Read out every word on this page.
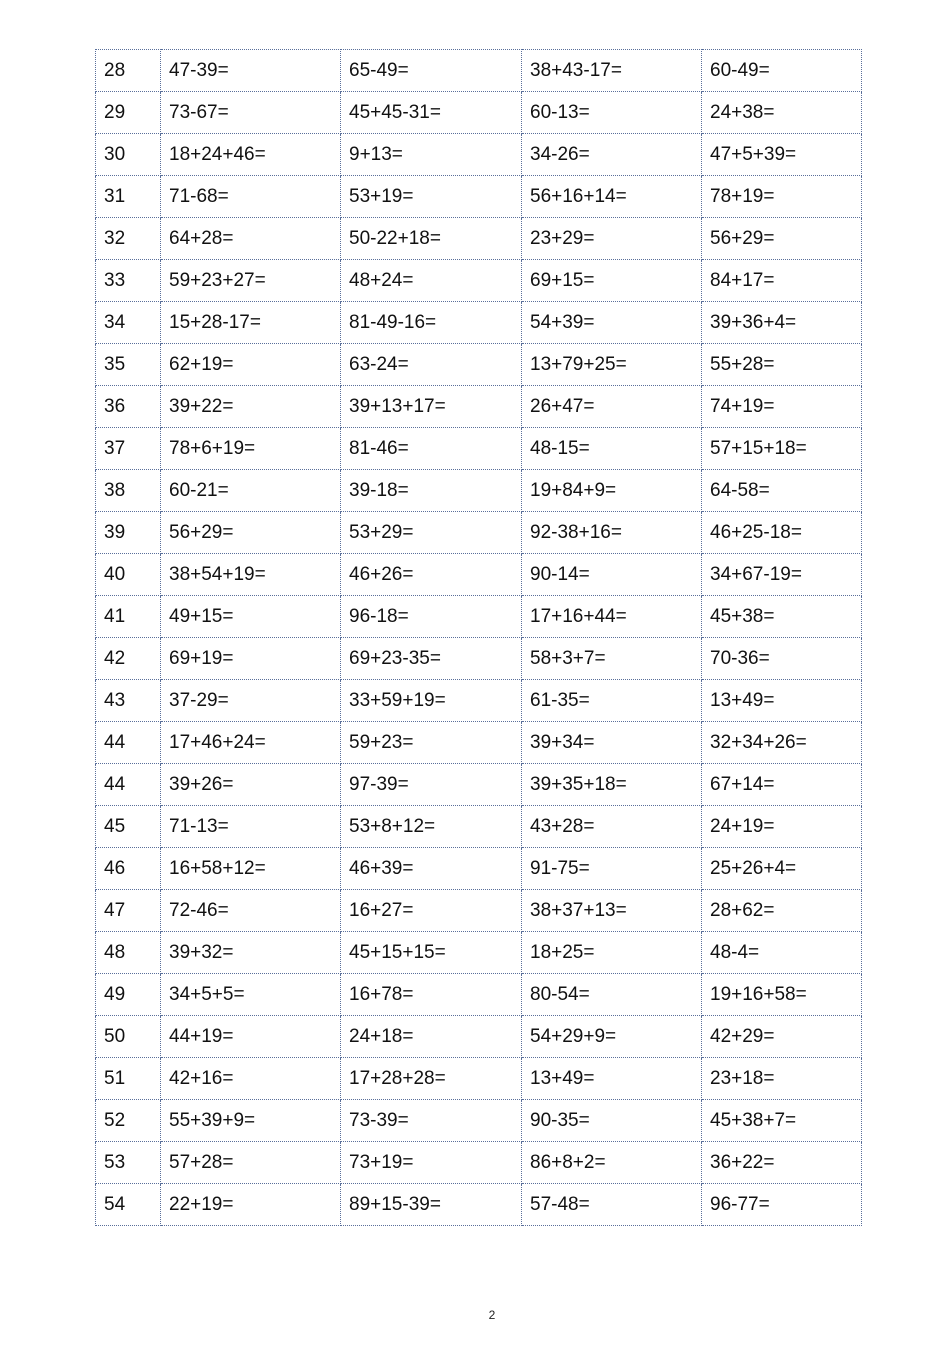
28	47-39=	65-49=	38+43-17=	60-49=
29	73-67=	45+45-31=	60-13=	24+38=
30	18+24+46=	9+13=	34-26=	47+5+39=
31	71-68=	53+19=	56+16+14=	78+19=
32	64+28=	50-22+18=	23+29=	56+29=
33	59+23+27=	48+24=	69+15=	84+17=
34	15+28-17=	81-49-16=	54+39=	39+36+4=
35	62+19=	63-24=	13+79+25=	55+28=
36	39+22=	39+13+17=	26+47=	74+19=
37	78+6+19=	81-46=	48-15=	57+15+18=
38	60-21=	39-18=	19+84+9=	64-58=
39	56+29=	53+29=	92-38+16=	46+25-18=
40	38+54+19=	46+26=	90-14=	34+67-19=
41	49+15=	96-18=	17+16+44=	45+38=
42	69+19=	69+23-35=	58+3+7=	70-36=
43	37-29=	33+59+19=	61-35=	13+49=
44	17+46+24=	59+23=	39+34=	32+34+26=
44	39+26=	97-39=	39+35+18=	67+14=
45	71-13=	53+8+12=	43+28=	24+19=
46	16+58+12=	46+39=	91-75=	25+26+4=
47	72-46=	16+27=	38+37+13=	28+62=
48	39+32=	45+15+15=	18+25=	48-4=
49	34+5+5=	16+78=	80-54=	19+16+58=
50	44+19=	24+18=	54+29+9=	42+29=
51	42+16=	17+28+28=	13+49=	23+18=
52	55+39+9=	73-39=	90-35=	45+38+7=
53	57+28=	73+19=	86+8+2=	36+22=
54	22+19=	89+15-39=	57-48=	96-77=
2
